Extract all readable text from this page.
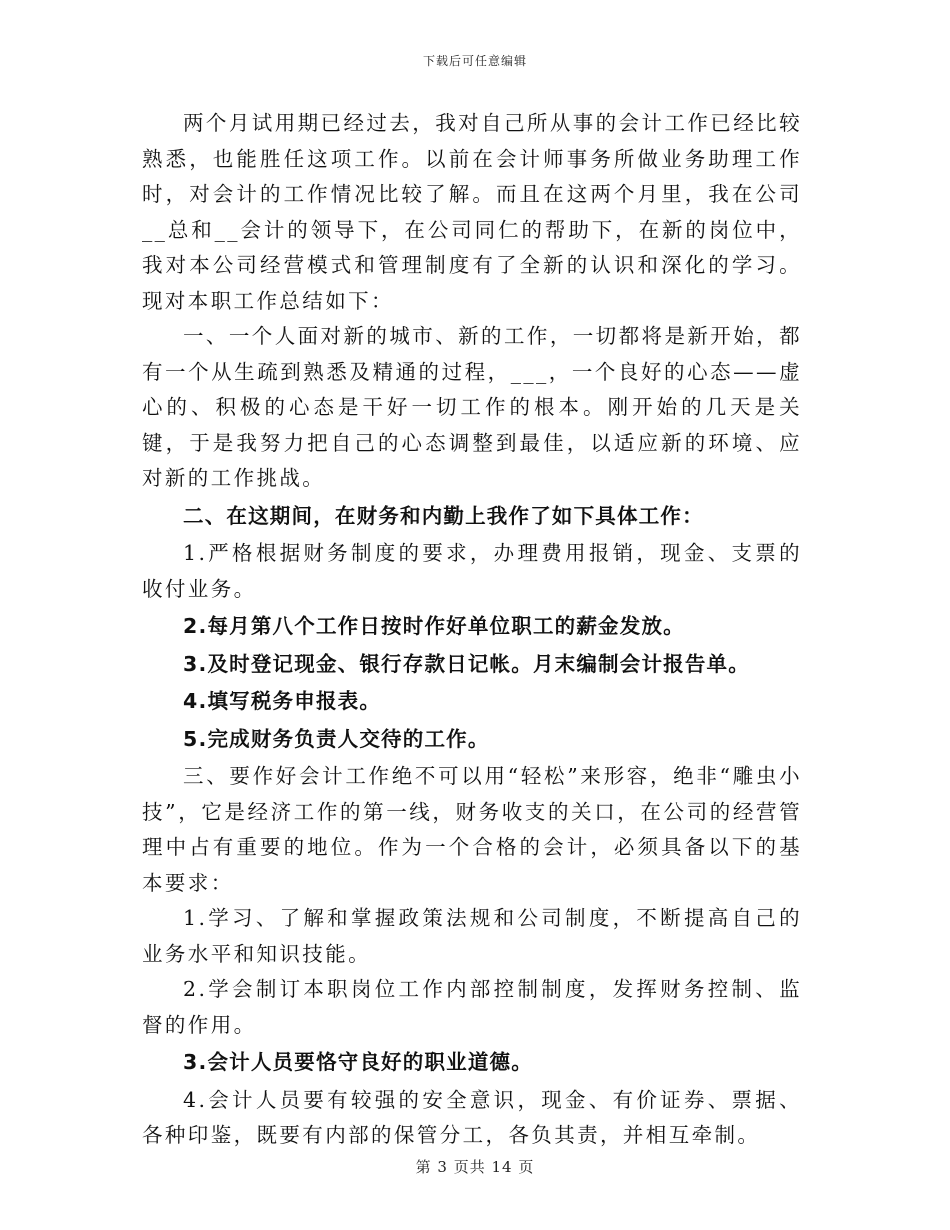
下载后可任意编辑

两个月试用期已经过去，我对自己所从事的会计工作已经比较熟悉，也能胜任这项工作。以前在会计师事务所做业务助理工作时，对会计的工作情况比较了解。而且在这两个月里，我在公司__总和__会计的领导下，在公司同仁的帮助下，在新的岗位中，我对本公司经营模式和管理制度有了全新的认识和深化的学习。现对本职工作总结如下：

一、一个人面对新的城市、新的工作，一切都将是新开始，都有一个从生疏到熟悉及精通的过程，___，一个良好的心态——虚心的、积极的心态是干好一切工作的根本。刚开始的几天是关键，于是我努力把自己的心态调整到最佳，以适应新的环境、应对新的工作挑战。

二、在这期间，在财务和内勤上我作了如下具体工作：

1.严格根据财务制度的要求，办理费用报销，现金、支票的收付业务。

2.每月第八个工作日按时作好单位职工的薪金发放。

3.及时登记现金、银行存款日记帐。月末编制会计报告单。

4.填写税务申报表。

5.完成财务负责人交待的工作。

三、要作好会计工作绝不可以用“轻松”来形容，绝非“雕虫小技”，它是经济工作的第一线，财务收支的关口，在公司的经营管理中占有重要的地位。作为一个合格的会计，必须具备以下的基本要求：

1.学习、了解和掌握政策法规和公司制度，不断提高自己的业务水平和知识技能。

2.学会制订本职岗位工作内部控制制度，发挥财务控制、监督的作用。

3.会计人员要恪守良好的职业道德。

4.会计人员要有较强的安全意识，现金、有价证券、票据、各种印鉴，既要有内部的保管分工，各负其责，并相互牵制。

第 3 页共 14 页
